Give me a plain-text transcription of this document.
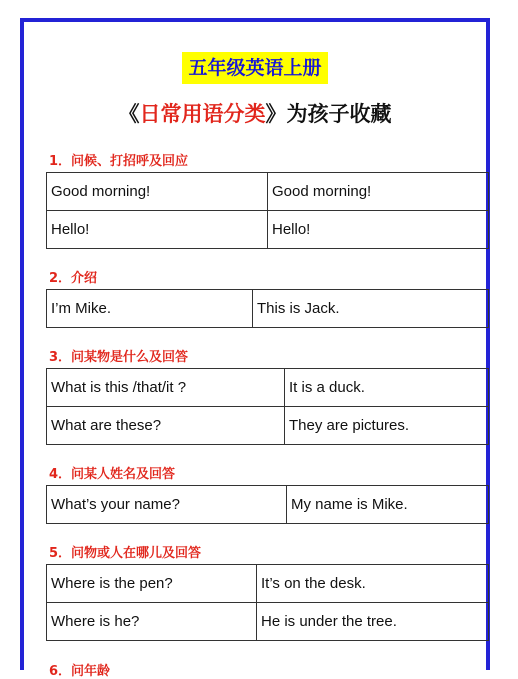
五年级英语上册
《日常用语分类》为孩子收藏
1．问候、打招呼及回应
Good morning!	Good morning!
Hello!	Hello!
2．介绍
I’m Mike.	This is Jack.
3．问某物是什么及回答
What is this /that/it ?	It is a duck.
What are these?	They are pictures.
4．问某人姓名及回答
What’s your name?	My name is Mike.
5．问物或人在哪儿及回答
Where is the pen?	It’s on the desk.
Where is he?	He is under the tree.
6．问年龄
